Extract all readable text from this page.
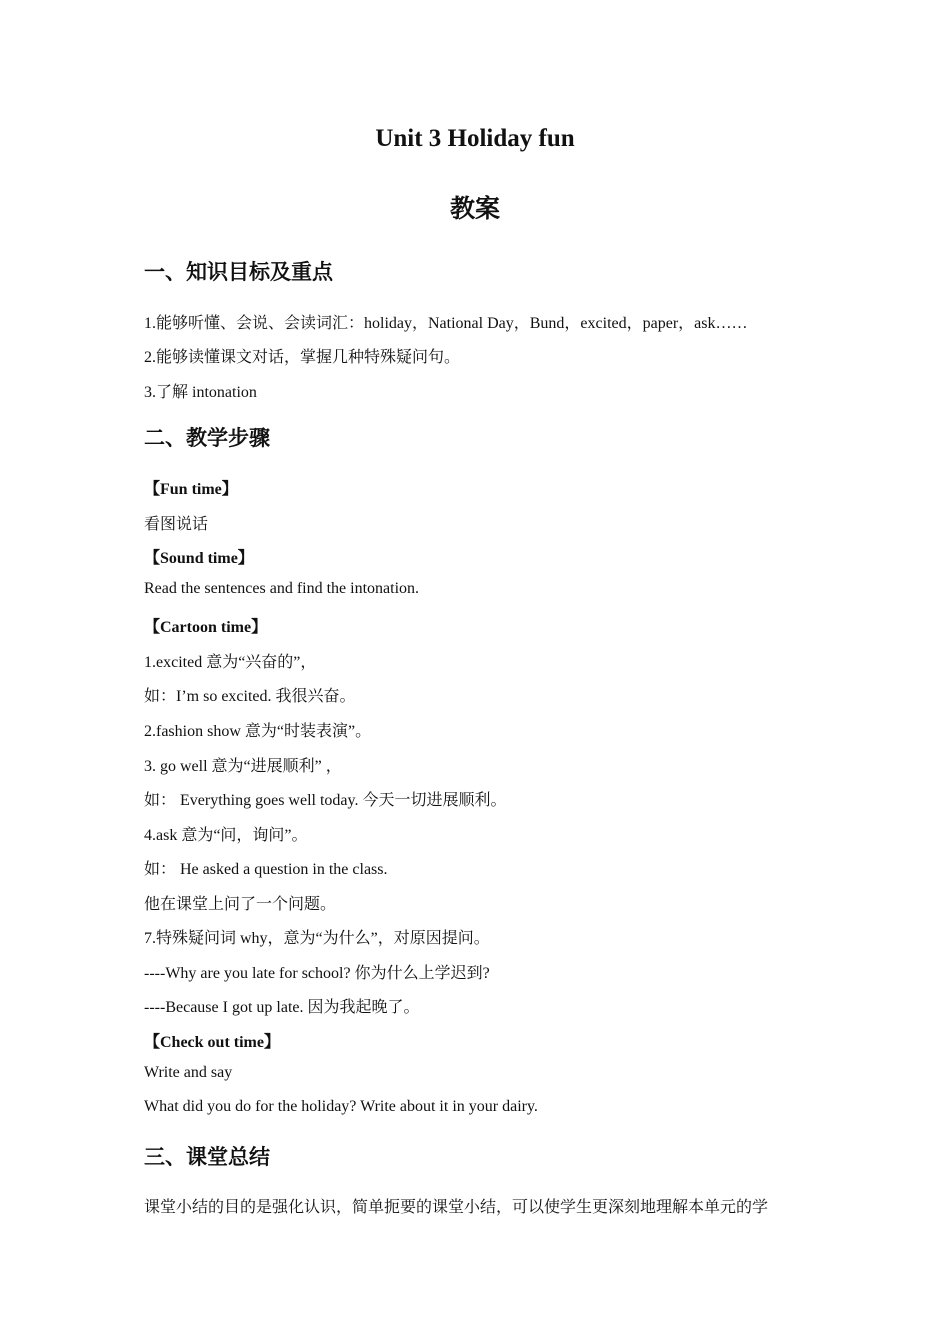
Unit 3 Holiday fun
教案
一、知识目标及重点
1.能够听懂、会说、会读词汇：holiday，National Day，Bund，excited，paper，ask……
2.能够读懂课文对话，掌握几种特殊疑问句。
3.了解 intonation
二、教学步骤
【Fun time】
看图说话
【Sound time】
Read the sentences and find the intonation.
【Cartoon time】
1.excited 意为“兴奋的”，
如：I’m so excited. 我很兴奋。
2.fashion show 意为“时装表演”。
3. go well 意为“进展顺利” ，
如： Everything goes well today. 今天一切进展顺利。
4.ask 意为“问，询问”。
如： He asked a question in the class.
他在课堂上问了一个问题。
7.特殊疑问词 why，意为“为什么”，对原因提问。
----Why are you late for school? 你为什么上学迟到?
----Because I got up late. 因为我起晚了。
【Check out time】
Write and say
What did you do for the holiday? Write about it in your dairy.
三、课堂总结
课堂小结的目的是强化认识，简单扼要的课堂小结，可以使学生更深刻地理解本单元的学
